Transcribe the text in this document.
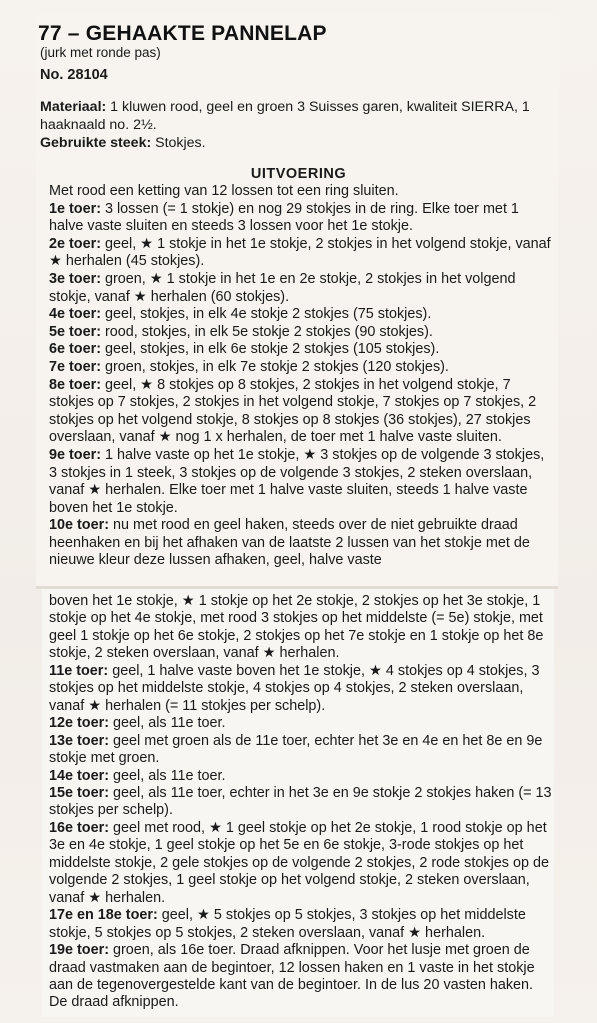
77 – GEHAAKTE PANNELAP

(jurk met ronde pas)

No. 28104

Materiaal: 1 kluwen rood, geel en groen 3 Suisses garen, kwaliteit SIERRA, 1 haaknaald no. 2½.
Gebruikte steek: Stokjes.

UITVOERING

Met rood een ketting van 12 lossen tot een ring sluiten.
1e toer: 3 lossen (= 1 stokje) en nog 29 stokjes in de ring. Elke toer met 1 halve vaste sluiten en steeds 3 lossen voor het 1e stokje.
2e toer: geel, ★ 1 stokje in het 1e stokje, 2 stokjes in het volgend stokje, vanaf ★ herhalen (45 stokjes).
3e toer: groen, ★ 1 stokje in het 1e en 2e stokje, 2 stokjes in het volgend stokje, vanaf ★ herhalen (60 stokjes).
4e toer: geel, stokjes, in elk 4e stokje 2 stokjes (75 stokjes).
5e toer: rood, stokjes, in elk 5e stokje 2 stokjes (90 stokjes).
6e toer: geel, stokjes, in elk 6e stokje 2 stokjes (105 stokjes).
7e toer: groen, stokjes, in elk 7e stokje 2 stokjes (120 stokjes).
8e toer: geel, ★ 8 stokjes op 8 stokjes, 2 stokjes in het volgend stokje, 7 stokjes op 7 stokjes, 2 stokjes in het volgend stokje, 7 stokjes op 7 stokjes, 2 stokjes op het volgend stokje, 8 stokjes op 8 stokjes (36 stokjes), 27 stokjes overslaan, vanaf ★ nog 1 x herhalen, de toer met 1 halve vaste sluiten.
9e toer: 1 halve vaste op het 1e stokje, ★ 3 stokjes op de volgende 3 stokjes, 3 stokjes in 1 steek, 3 stokjes op de volgende 3 stokjes, 2 steken overslaan, vanaf ★ herhalen. Elke toer met 1 halve vaste sluiten, steeds 1 halve vaste boven het 1e stokje.
10e toer: nu met rood en geel haken, steeds over de niet gebruikte draad heenhaken en bij het afhaken van de laatste 2 lussen van het stokje met de nieuwe kleur deze lussen afhaken, geel, halve vaste
boven het 1e stokje, ★ 1 stokje op het 2e stokje, 2 stokjes op het 3e stokje, 1 stokje op het 4e stokje, met rood 3 stokjes op het middelste (= 5e) stokje, met geel 1 stokje op het 6e stokje, 2 stokjes op het 7e stokje en 1 stokje op het 8e stokje, 2 steken overslaan, vanaf ★ herhalen.
11e toer: geel, 1 halve vaste boven het 1e stokje, ★ 4 stokjes op 4 stokjes, 3 stokjes op het middelste stokje, 4 stokjes op 4 stokjes, 2 steken overslaan, vanaf ★ herhalen (= 11 stokjes per schelp).
12e toer: geel, als 11e toer.
13e toer: geel met groen als de 11e toer, echter het 3e en 4e en het 8e en 9e stokje met groen.
14e toer: geel, als 11e toer.
15e toer: geel, als 11e toer, echter in het 3e en 9e stokje 2 stokjes haken (= 13 stokjes per schelp).
16e toer: geel met rood, ★ 1 geel stokje op het 2e stokje, 1 rood stokje op het 3e en 4e stokje, 1 geel stokje op het 5e en 6e stokje, 3-rode stokjes op het middelste stokje, 2 gele stokjes op de volgende 2 stokjes, 2 rode stokjes op de volgende 2 stokjes, 1 geel stokje op het volgend stokje, 2 steken overslaan, vanaf ★ herhalen.
17e en 18e toer: geel, ★ 5 stokjes op 5 stokjes, 3 stokjes op het middelste stokje, 5 stokjes op 5 stokjes, 2 steken overslaan, vanaf ★ herhalen.
19e toer: groen, als 16e toer. Draad afknippen. Voor het lusje met groen de draad vastmaken aan de begintoer, 12 lossen haken en 1 vaste in het stokje aan de tegenovergestelde kant van de begintoer. In de lus 20 vasten haken. De draad afknippen.
